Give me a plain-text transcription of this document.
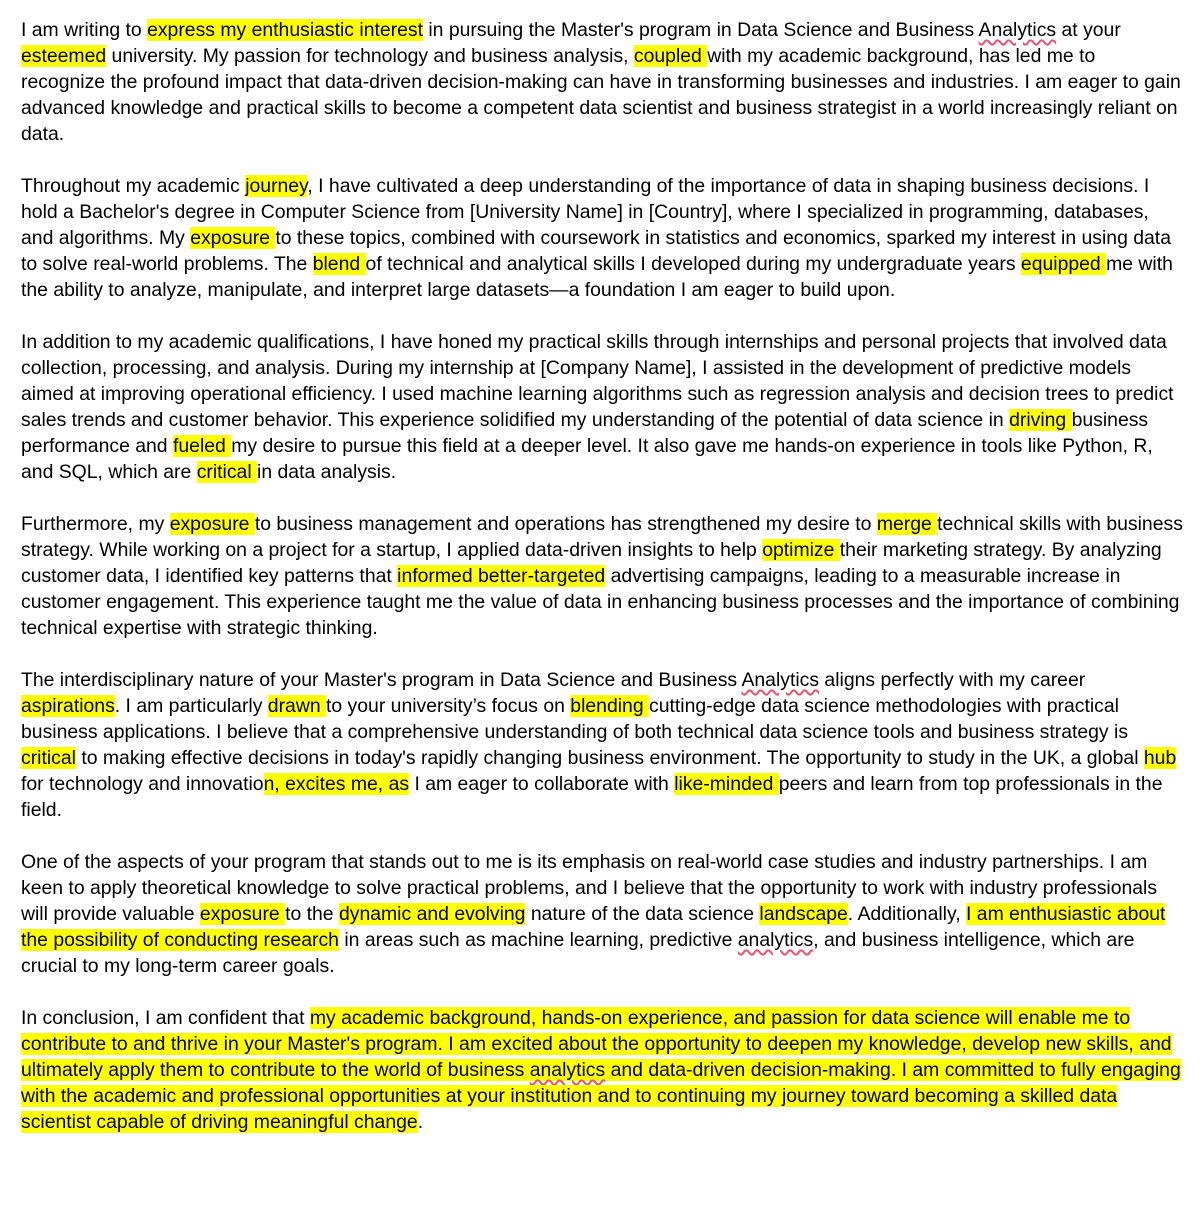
I am writing to express my enthusiastic interest in pursuing the Master's program in Data Science and Business Analytics at your esteemed university. My passion for technology and business analysis, coupled with my academic background, has led me to recognize the profound impact that data-driven decision-making can have in transforming businesses and industries. I am eager to gain advanced knowledge and practical skills to become a competent data scientist and business strategist in a world increasingly reliant on data.

Throughout my academic journey, I have cultivated a deep understanding of the importance of data in shaping business decisions. I hold a Bachelor's degree in Computer Science from [University Name] in [Country], where I specialized in programming, databases, and algorithms. My exposure to these topics, combined with coursework in statistics and economics, sparked my interest in using data to solve real-world problems. The blend of technical and analytical skills I developed during my undergraduate years equipped me with the ability to analyze, manipulate, and interpret large datasets—a foundation I am eager to build upon.

In addition to my academic qualifications, I have honed my practical skills through internships and personal projects that involved data collection, processing, and analysis. During my internship at [Company Name], I assisted in the development of predictive models aimed at improving operational efficiency. I used machine learning algorithms such as regression analysis and decision trees to predict sales trends and customer behavior. This experience solidified my understanding of the potential of data science in driving business performance and fueled my desire to pursue this field at a deeper level. It also gave me hands-on experience in tools like Python, R, and SQL, which are critical in data analysis.

Furthermore, my exposure to business management and operations has strengthened my desire to merge technical skills with business strategy. While working on a project for a startup, I applied data-driven insights to help optimize their marketing strategy. By analyzing customer data, I identified key patterns that informed better-targeted advertising campaigns, leading to a measurable increase in customer engagement. This experience taught me the value of data in enhancing business processes and the importance of combining technical expertise with strategic thinking.

The interdisciplinary nature of your Master's program in Data Science and Business Analytics aligns perfectly with my career aspirations. I am particularly drawn to your university’s focus on blending cutting-edge data science methodologies with practical business applications. I believe that a comprehensive understanding of both technical data science tools and business strategy is critical to making effective decisions in today's rapidly changing business environment. The opportunity to study in the UK, a global hub for technology and innovation, excites me, as I am eager to collaborate with like-minded peers and learn from top professionals in the field.

One of the aspects of your program that stands out to me is its emphasis on real-world case studies and industry partnerships. I am keen to apply theoretical knowledge to solve practical problems, and I believe that the opportunity to work with industry professionals will provide valuable exposure to the dynamic and evolving nature of the data science landscape. Additionally, I am enthusiastic about the possibility of conducting research in areas such as machine learning, predictive analytics, and business intelligence, which are crucial to my long-term career goals.

In conclusion, I am confident that my academic background, hands-on experience, and passion for data science will enable me to contribute to and thrive in your Master's program. I am excited about the opportunity to deepen my knowledge, develop new skills, and ultimately apply them to contribute to the world of business analytics and data-driven decision-making. I am committed to fully engaging with the academic and professional opportunities at your institution and to continuing my journey toward becoming a skilled data scientist capable of driving meaningful change.
